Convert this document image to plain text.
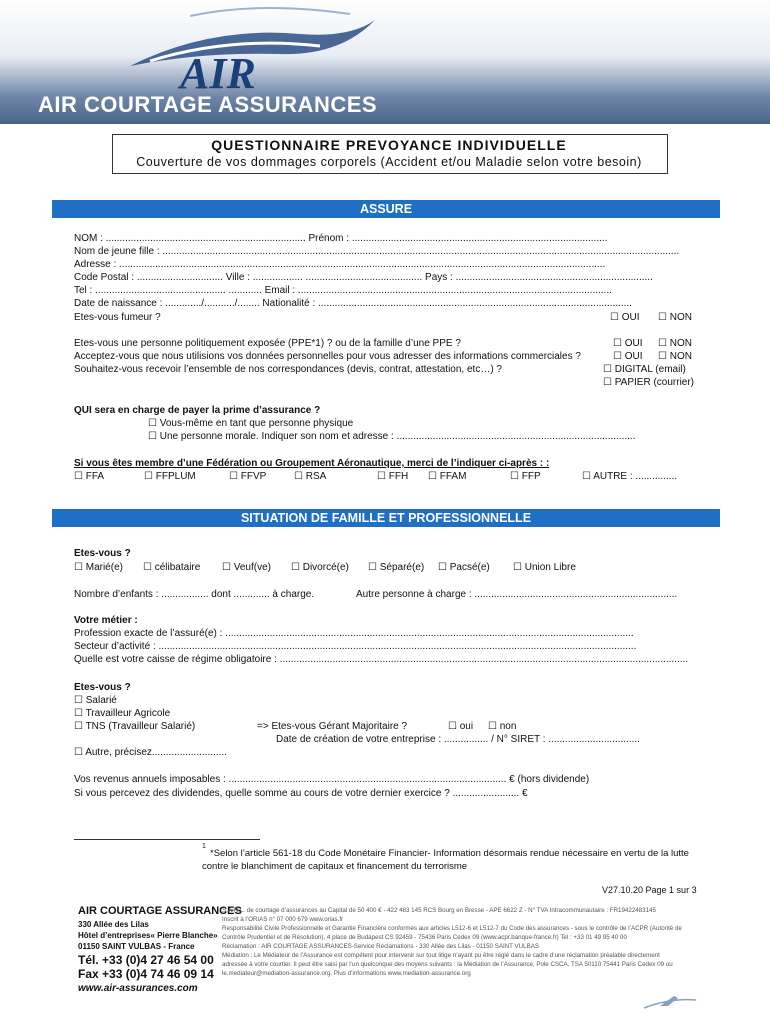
AIR
AIR COURTAGE ASSURANCES
QUESTIONNAIRE PREVOYANCE INDIVIDUELLE
Couverture de vos dommages corporels (Accident et/ou Maladie selon votre besoin)
ASSURE
NOM : ........................................................................ Prénom : ............................................................................................
Nom de jeune fille : ..........................................................................................................................................................................................
Adresse : ...............................................................................................................................................................................
Code Postal : ............................... Ville : .................. .......................................... Pays : .......................................................................
Tel : ............................................... ............ Email : .................................................................................................................
Date de naissance : ............./.........../........ Nationalité : .................................................................................................................
Etes-vous fumeur ?	☐ OUI ☐ NON
Etes-vous une personne politiquement exposée (PPE*1) ? ou de la famille d’une PPE ?	☐ OUI ☐ NON
Acceptez-vous que nous utilisions vos données personnelles pour vous adresser des informations commerciales ?	☐ OUI ☐ NON
Souhaitez-vous recevoir l’ensemble de nos correspondances (devis, contrat, attestation, etc…) ?	☐ DIGITAL (email)
☐ PAPIER (courrier)
QUI sera en charge de payer la prime d’assurance ?
☐ Vous-même en tant que personne physique
☐ Une personne morale. Indiquer son nom et adresse : ......................................................................................
Si vous êtes membre d’une Fédération ou Groupement Aéronautique, merci de l’indiquer ci-après : :
☐ FFA	☐ FFPLUM	☐ FFVP	☐ RSA	☐ FFH ☐ FFAM	☐ FFP	☐ AUTRE : ...............
SITUATION DE FAMILLE ET PROFESSIONNELLE
Etes-vous ?
☐ Marié(e) ☐ célibataire ☐ Veuf(ve) ☐ Divorcé(e) ☐ Séparé(e) ☐ Pacsé(e) ☐ Union Libre
Nombre d’enfants : ................. dont ............. à charge.	Autre personne à charge : .........................................................................
Votre métier :
Profession exacte de l’assuré(e) : ...................................................................................................................................................
Secteur d’activité : ............................................................................................................................................................................
Quelle est votre caisse de régime obligatoire : ...................................................................................................................................................
Etes-vous ?
☐ Salarié
☐ Travailleur Agricole
☐ TNS (Travailleur Salarié)	=> Etes-vous Gérant Majoritaire ?	☐ oui ☐ non
Date de création de votre entreprise : ................ / N° SIRET : .................................
☐ Autre, précisez...........................
Vos revenus annuels imposables : .................................................................................................... € (hors dividende)
Si vous percevez des dividendes, quelle somme au cours de votre dernier exercice ? ........................ €
1
*Selon l’article 561-18 du Code Monétaire Financier- Information désormais rendue nécessaire en vertu de la lutte
contre le blanchiment de capitaux et financement du terrorisme
V27.10.20 Page 1 sur 3
AIR COURTAGE ASSURANCES
330 Allée des Lilas
Hôtel d’entreprises« Pierre Blanche»
01150 SAINT VULBAS - France
Tél. +33 (0)4 27 46 54 00
Fax +33 (0)4 74 46 09 14
www.air-assurances.com
S.A.R.L. de courtage d’assurances au Capital de 50 400 € - 422 483 145 RCS Bourg en Bresse - APE 6622 Z - N° TVA Intracommunautaire : FR19422483145
Inscrit à l’ORIAS n° 07 000 679 www.orias.fr
Responsabilité Civile Professionnelle et Garantie Financière conformes aux articles L512-6 et L512-7 du Code des assurances - sous le contrôle de l’ACPR (Autorité de
Contrôle Prudentiel et de Résolution), 4 place de Budapest CS 92459 - 75436 Paris Cedex 09 (www.acpr.banque-france.fr) Tel : +33 01 49 95 40 00
Réclamation : AIR COURTAGE ASSURANCES-Service Réclamations - 330 Allée des Lilas - 01150 SAINT VULBAS
Médiation : Le Médiateur de l’Assurance est compétent pour intervenir sur tout litige n’ayant pu être réglé dans le cadre d’une réclamation préalable directement
adressée à votre courtier. Il peut être saisi par l’un quelconque des moyens suivants : la Médiation de l’Assurance, Pole CSCA, TSA 50110 75441 Paris Cedex 09 ou
le.mediateur@mediation-assurance.org. Plus d’informations www.mediation-assurance.org
